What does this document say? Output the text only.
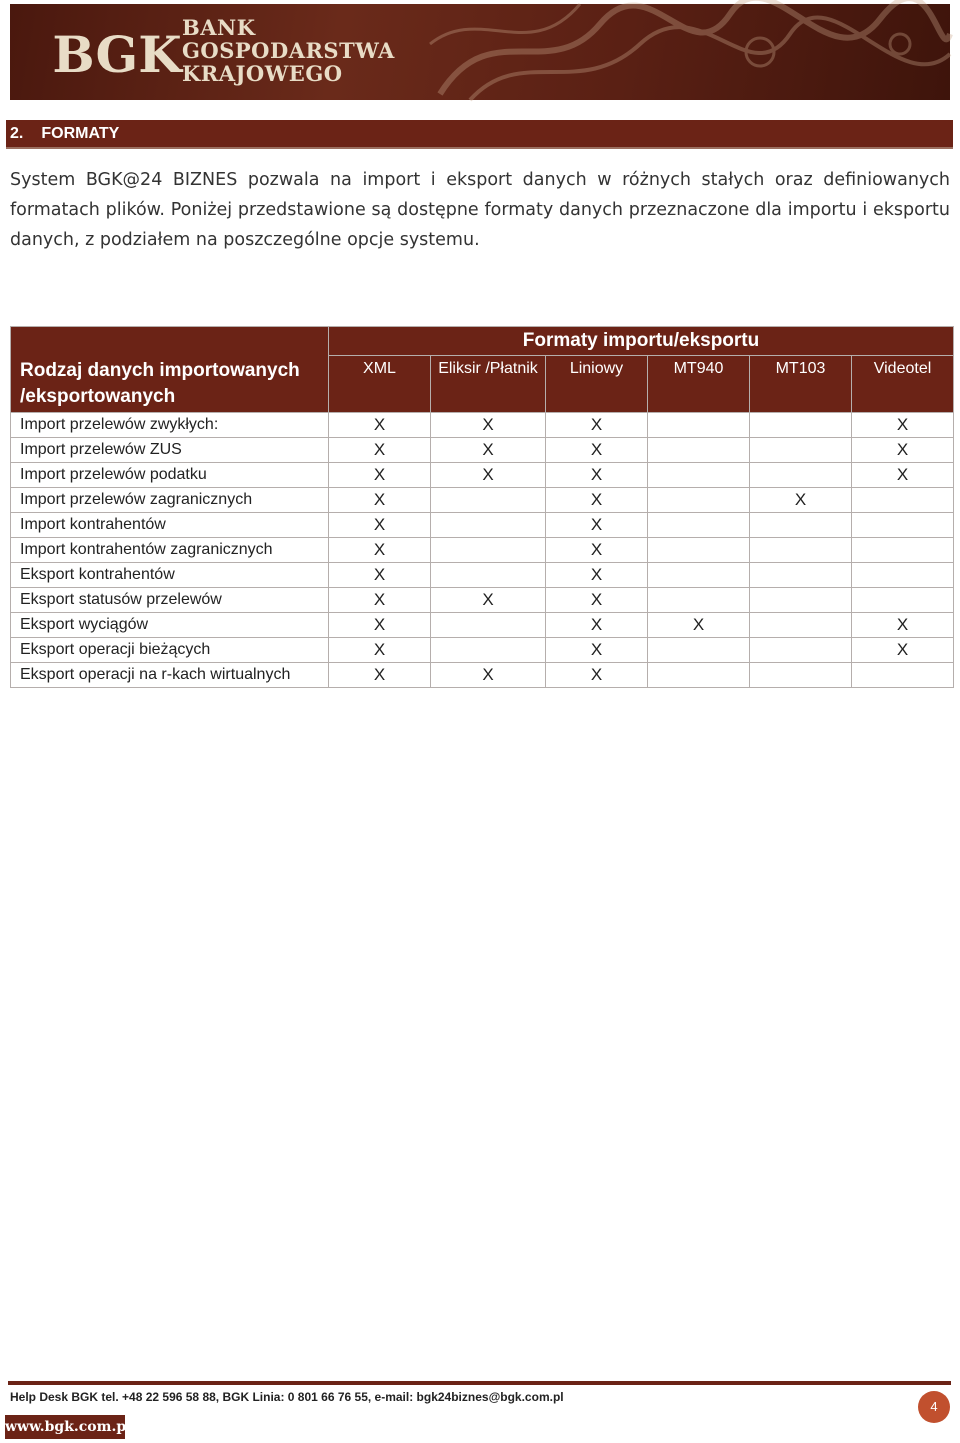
BGK BANK
GOSPODARSTWA
KRAJOWEGO
2. FORMATY
System BGK@24 BIZNES pozwala na import i eksport danych w różnych stałych oraz definiowanych formatach plików. Poniżej przedstawione są dostępne formaty danych przeznaczone dla importu i eksportu danych, z podziałem na poszczególne opcje systemu.
Rodzaj danych importowanych /eksportowanych	Formaty importu/eksportu					
	XML	Eliksir /Płatnik	Liniowy	MT940	MT103	Videotel
Import przelewów zwykłych:	X	X	X			X
Import przelewów ZUS	X	X	X			X
Import przelewów podatku	X	X	X			X
Import przelewów zagranicznych	X		X		X	
Import kontrahentów	X		X			
Import kontrahentów zagranicznych	X		X			
Eksport kontrahentów	X		X			
Eksport statusów przelewów	X	X	X			
Eksport wyciągów	X		X	X		X
Eksport operacji bieżących	X		X			X
Eksport operacji na r-kach wirtualnych	X	X	X			
Help Desk BGK tel. +48 22 596 58 88, BGK Linia: 0 801 66 76 55, e-mail: bgk24biznes@bgk.com.pl
www.bgk.com.pl
4
